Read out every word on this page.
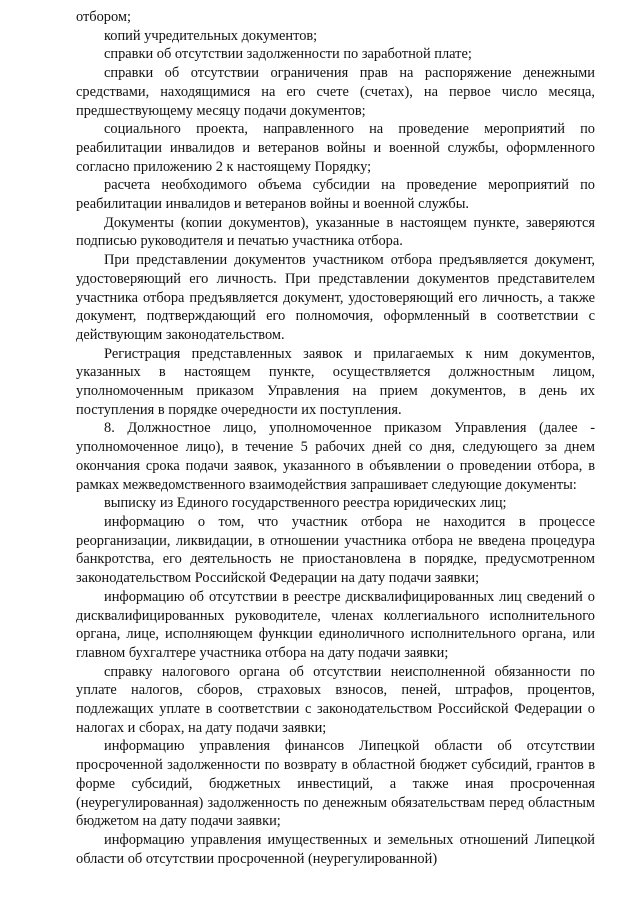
отбором;

копий учредительных документов;

справки об отсутствии задолженности по заработной плате;

справки об отсутствии ограничения прав на распоряжение денежными средствами, находящимися на его счете (счетах), на первое число месяца, предшествующему месяцу подачи документов;

социального проекта, направленного на проведение мероприятий по реабилитации инвалидов и ветеранов войны и военной службы, оформленного согласно приложению 2 к настоящему Порядку;

расчета необходимого объема субсидии на проведение мероприятий по реабилитации инвалидов и ветеранов войны и военной службы.

Документы (копии документов), указанные в настоящем пункте, заверяются подписью руководителя и печатью участника отбора.

При представлении документов участником отбора предъявляется документ, удостоверяющий его личность. При представлении документов представителем участника отбора предъявляется документ, удостоверяющий его личность, а также документ, подтверждающий его полномочия, оформленный в соответствии с действующим законодательством.

Регистрация представленных заявок и прилагаемых к ним документов, указанных в настоящем пункте, осуществляется должностным лицом, уполномоченным приказом Управления на прием документов, в день их поступления в порядке очередности их поступления.

8. Должностное лицо, уполномоченное приказом Управления (далее - уполномоченное лицо), в течение 5 рабочих дней со дня, следующего за днем окончания срока подачи заявок, указанного в объявлении о проведении отбора, в рамках межведомственного взаимодействия запрашивает следующие документы:

выписку из Единого государственного реестра юридических лиц;

информацию о том, что участник отбора не находится в процессе реорганизации, ликвидации, в отношении участника отбора не введена процедура банкротства, его деятельность не приостановлена в порядке, предусмотренном законодательством Российской Федерации на дату подачи заявки;

информацию об отсутствии в реестре дисквалифицированных лиц сведений о дисквалифицированных руководителе, членах коллегиального исполнительного органа, лице, исполняющем функции единоличного исполнительного органа, или главном бухгалтере участника отбора на дату подачи заявки;

справку налогового органа об отсутствии неисполненной обязанности по уплате налогов, сборов, страховых взносов, пеней, штрафов, процентов, подлежащих уплате в соответствии с законодательством Российской Федерации о налогах и сборах, на дату подачи заявки;

информацию управления финансов Липецкой области об отсутствии просроченной задолженности по возврату в областной бюджет субсидий, грантов в форме субсидий, бюджетных инвестиций, а также иная просроченная (неурегулированная) задолженность по денежным обязательствам перед областным бюджетом на дату подачи заявки;

информацию управления имущественных и земельных отношений Липецкой области об отсутствии просроченной (неурегулированной)
